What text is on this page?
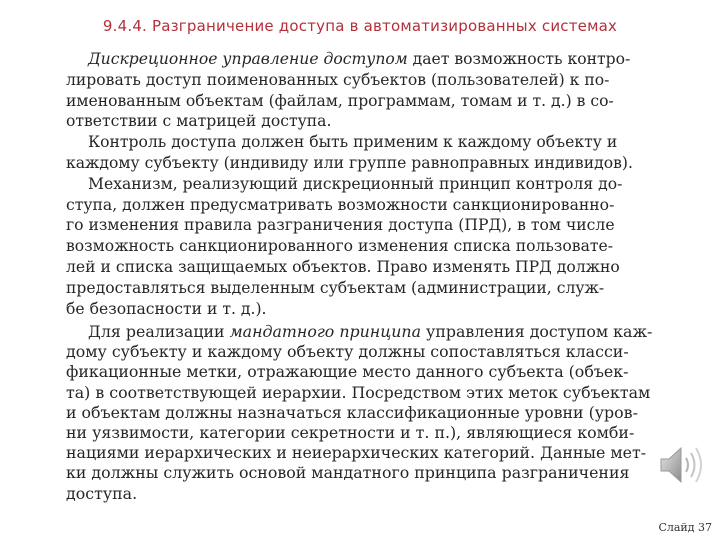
9.4.4. Разграничение доступа в автоматизированных системах
Дискреционное управление доступом дает возможность контро-
лировать доступ поименованных субъектов (пользователей) к по-
именованным объектам (файлам, программам, томам и т. д.) в со-
ответствии с матрицей доступа.
Контроль доступа должен быть применим к каждому объекту и
каждому субъекту (индивиду или группе равноправных индивидов).
Механизм, реализующий дискреционный принцип контроля до-
ступа, должен предусматривать возможности санкционированно-
го изменения правила разграничения доступа (ПРД), в том числе
возможность санкционированного изменения списка пользовате-
лей и списка защищаемых объектов. Право изменять ПРД должно
предоставляться выделенным субъектам (администрации, служ-
бе безопасности и т. д.).
Для реализации мандатного принципа управления доступом каж-
дому субъекту и каждому объекту должны сопоставляться класси-
фикационные метки, отражающие место данного субъекта (объек-
та) в соответствующей иерархии. Посредством этих меток субъектам
и объектам должны назначаться классификационные уровни (уров-
ни уязвимости, категории секретности и т. п.), являющиеся комби-
нациями иерархических и неиерархических категорий. Данные мет-
ки должны служить основой мандатного принципа разграничения
доступа.
Слайд 37
